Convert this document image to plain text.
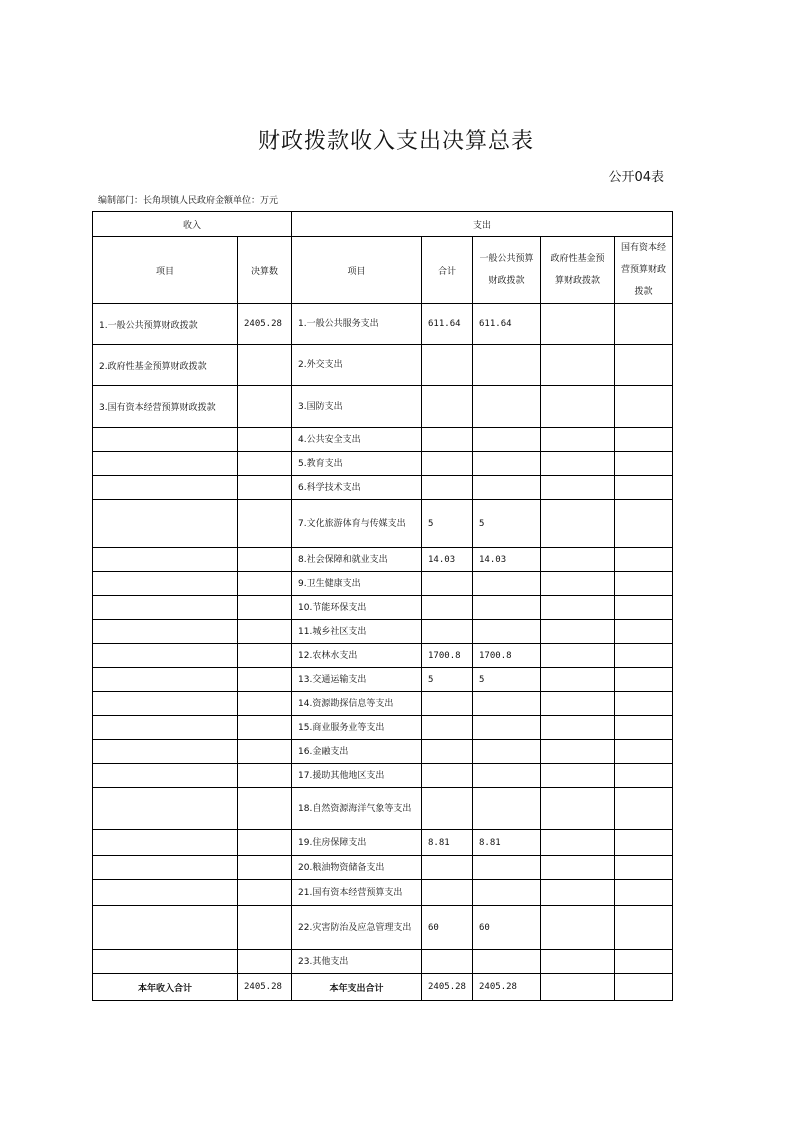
财政拨款收入支出决算总表
公开04表
编制部门：长角坝镇人民政府金额单位：万元
收入		支出				
项目	决算数	项目	合计	一般公共预算财政拨款	政府性基金预算财政拨款	国有资本经营预算财政拨款
1.一般公共预算财政拨款	2405.28	1.一般公共服务支出	611.64	611.64		
2.政府性基金预算财政拨款		2.外交支出				
3.国有资本经营预算财政拨款		3.国防支出				
		4.公共安全支出				
		5.教育支出				
		6.科学技术支出				
		7.文化旅游体育与传媒支出	5	5		
		8.社会保障和就业支出	14.03	14.03		
		9.卫生健康支出				
		10.节能环保支出				
		11.城乡社区支出				
		12.农林水支出	1700.8	1700.8		
		13.交通运输支出	5	5		
		14.资源勘探信息等支出				
		15.商业服务业等支出				
		16.金融支出				
		17.援助其他地区支出				
		18.自然资源海洋气象等支出				
		19.住房保障支出	8.81	8.81		
		20.粮油物资储备支出				
		21.国有资本经营预算支出				
		22.灾害防治及应急管理支出	60	60		
		23.其他支出				
本年收入合计	2405.28	本年支出合计	2405.28	2405.28		
